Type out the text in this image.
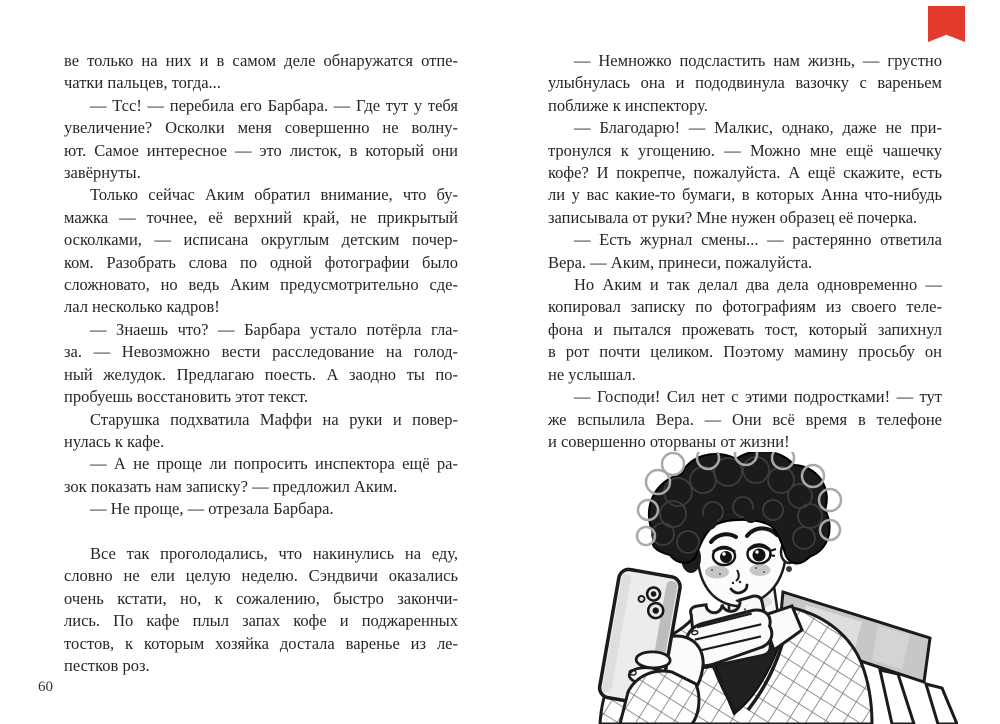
ве только на них и в самом деле обнаружатся отпе-
чатки пальцев, тогда...
— Тсс! — перебила его Барбара. — Где тут у тебя
увеличение? Осколки меня совершенно не волну-
ют. Самое интересное — это листок, в который они
завёрнуты.
Только сейчас Аким обратил внимание, что бу-
мажка — точнее, её верхний край, не прикрытый
осколками, — исписана округлым детским почер-
ком. Разобрать слова по одной фотографии было
сложновато, но ведь Аким предусмотрительно сде-
лал несколько кадров!
— Знаешь что? — Барбара устало потёрла гла-
за. — Невозможно вести расследование на голод-
ный желудок. Предлагаю поесть. А заодно ты по-
пробуешь восстановить этот текст.
Старушка подхватила Маффи на руки и повер-
нулась к кафе.
— А не проще ли попросить инспектора ещё ра-
зок показать нам записку? — предложил Аким.
— Не проще, — отрезала Барбара.
Все так проголодались, что накинулись на еду,
словно не ели целую неделю. Сэндвичи оказались
очень кстати, но, к сожалению, быстро закончи-
лись. По кафе плыл запах кофе и поджаренных
тостов, к которым хозяйка достала варенье из ле-
пестков роз.
— Немножко подсластить нам жизнь, — грустно
улыбнулась она и пододвинула вазочку с вареньем
поближе к инспектору.
— Благодарю! — Малкис, однако, даже не при-
тронулся к угощению. — Можно мне ещё чашечку
кофе? И покрепче, пожалуйста. А ещё скажите, есть
ли у вас какие-то бумаги, в которых Анна что-нибудь
записывала от руки? Мне нужен образец её почерка.
— Есть журнал смены... — растерянно ответила
Вера. — Аким, принеси, пожалуйста.
Но Аким и так делал два дела одновременно —
копировал записку по фотографиям из своего теле-
фона и пытался прожевать тост, который запихнул
в рот почти целиком. Поэтому мамину просьбу он
не услышал.
— Господи! Сил нет с этими подростками! — тут
же вспылила Вера. — Они всё время в телефоне
и совершенно оторваны от жизни!
60
